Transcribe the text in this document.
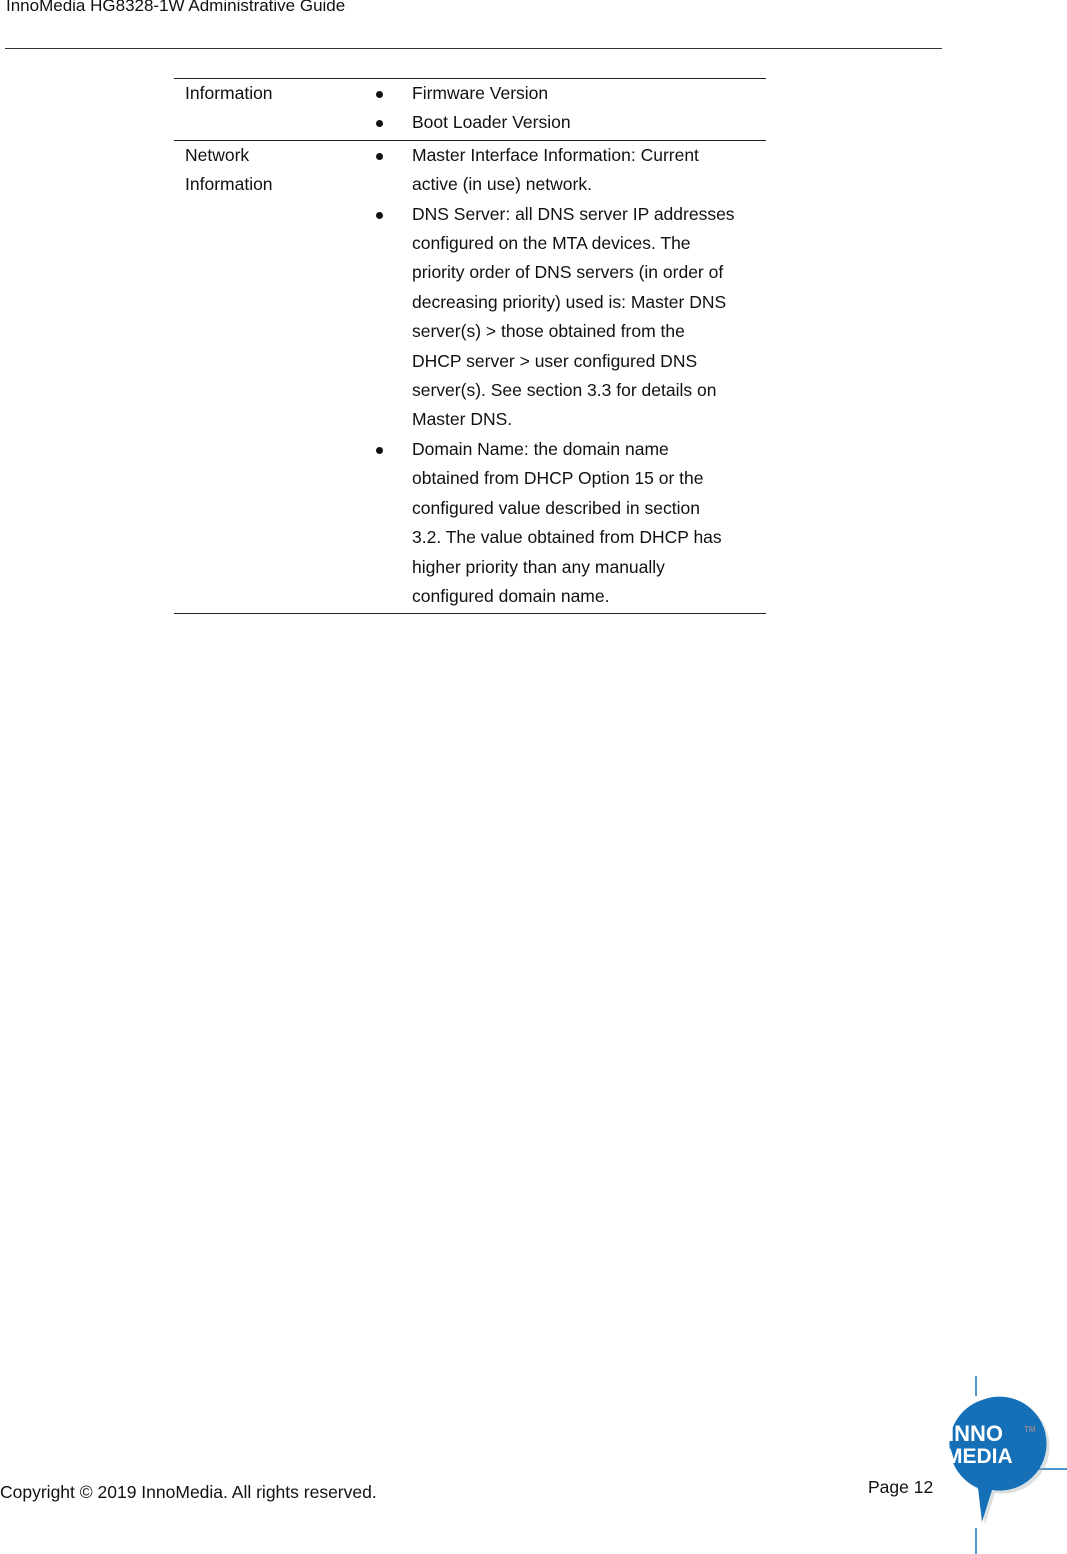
InnoMedia HG8328-1W Administrative Guide
Information	Firmware Version
Boot Loader Version
Network
Information
Master Interface Information: Current
active (in use) network.
DNS Server: all DNS server IP addresses
configured on the MTA devices. The
priority order of DNS servers (in order of
decreasing priority) used is: Master DNS
server(s) > those obtained from the
DHCP server > user configured DNS
server(s). See section 3.3 for details on
Master DNS.
Domain Name: the domain name
obtained from DHCP Option 15 or the
configured value described in section
3.2. The value obtained from DHCP has
higher priority than any manually
configured domain name.
Copyright © 2019 InnoMedia. All rights reserved.	Page 12
INNO
MEDIA
TM
